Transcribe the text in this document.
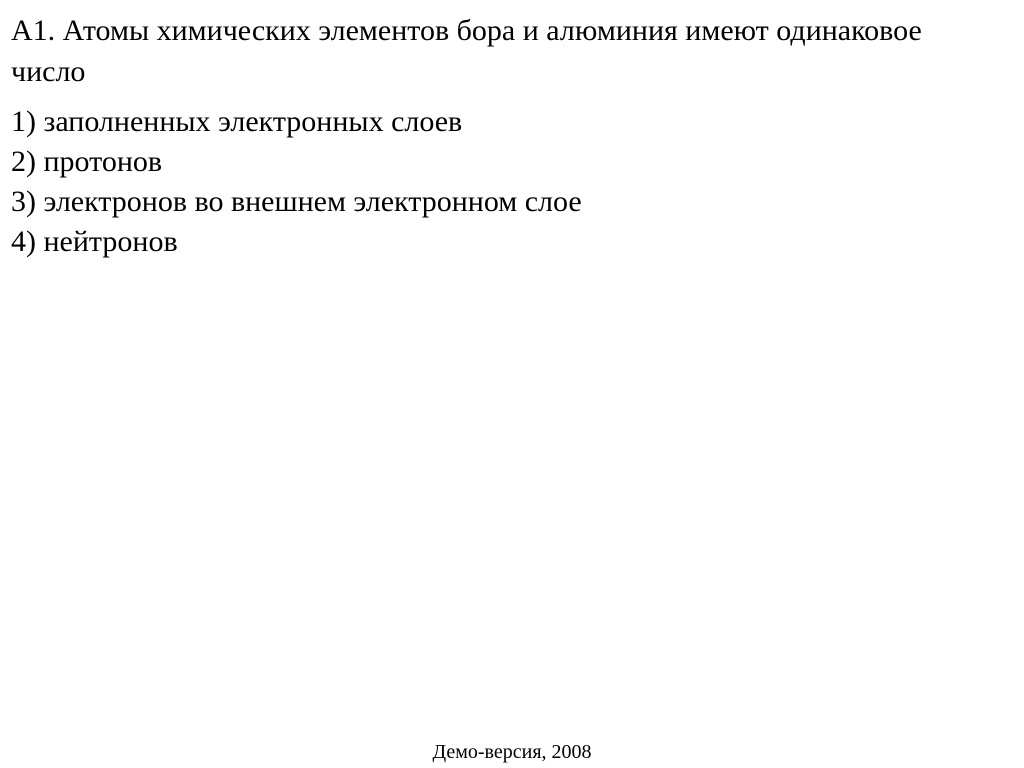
А1. Атомы химических элементов бора и алюминия имеют одинаковое число

1) заполненных электронных слоев
2) протонов
3) электронов во внешнем электронном слое
4) нейтронов
Демо-версия, 2008
